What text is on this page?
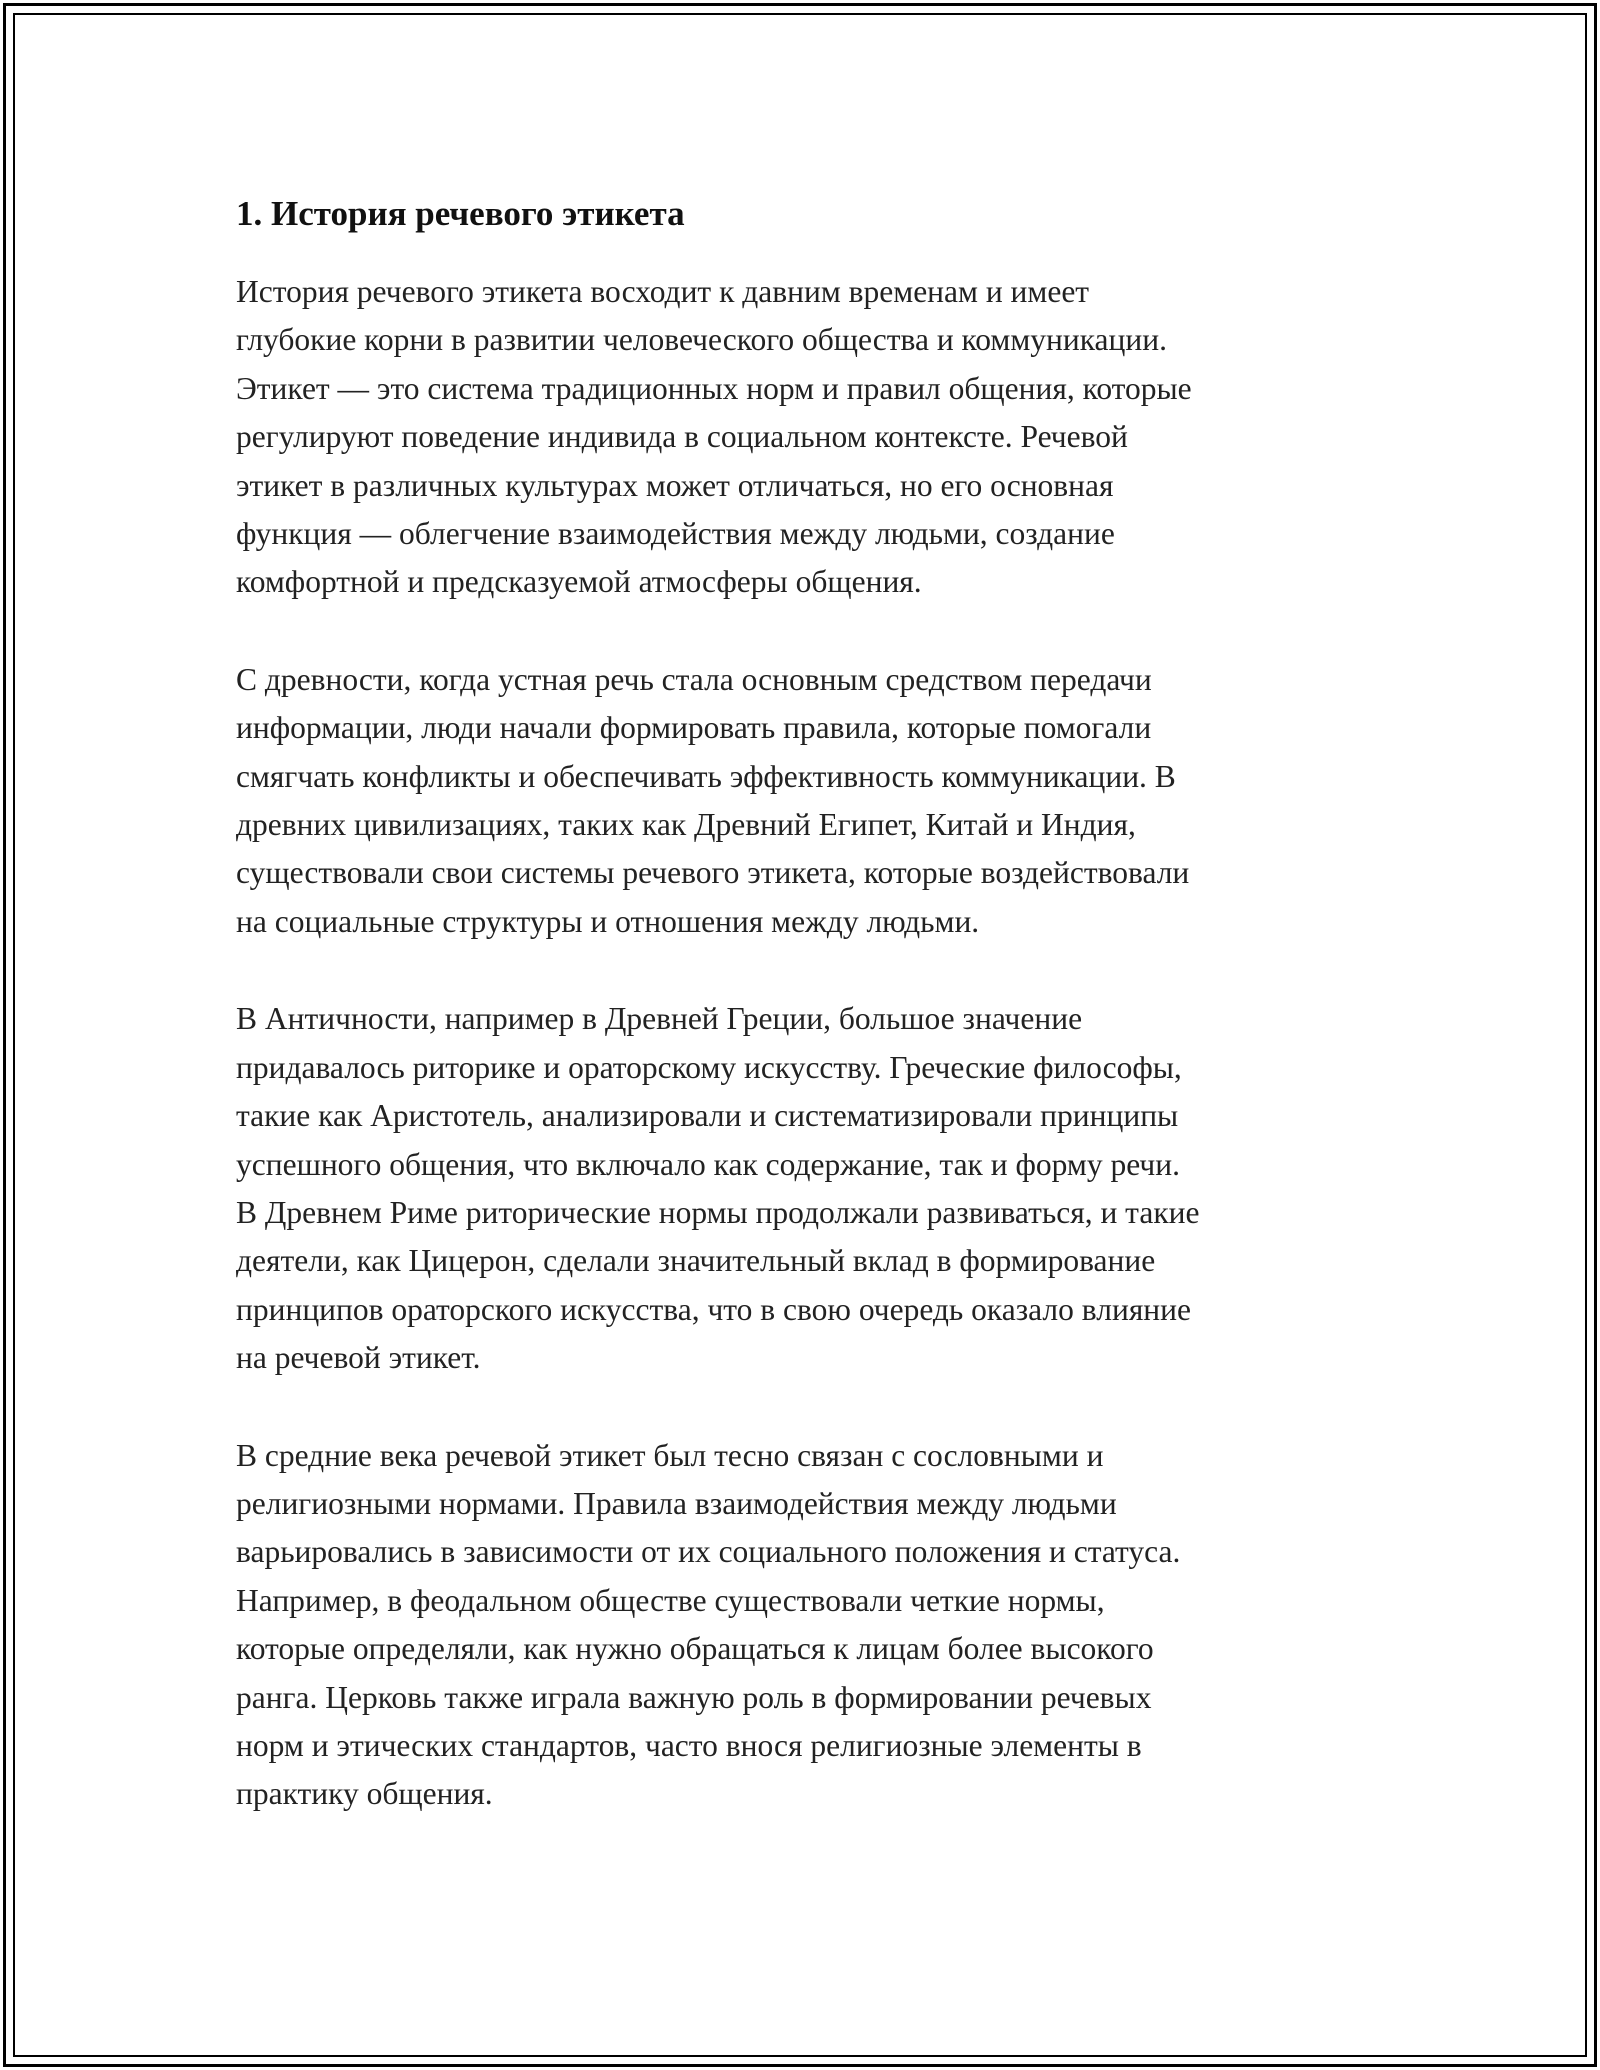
1. История речевого этикета

История речевого этикета восходит к давним временам и имеет
глубокие корни в развитии человеческого общества и коммуникации.
Этикет — это система традиционных норм и правил общения, которые
регулируют поведение индивида в социальном контексте. Речевой
этикет в различных культурах может отличаться, но его основная
функция — облегчение взаимодействия между людьми, создание
комфортной и предсказуемой атмосферы общения.

С древности, когда устная речь стала основным средством передачи
информации, люди начали формировать правила, которые помогали
смягчать конфликты и обеспечивать эффективность коммуникации. В
древних цивилизациях, таких как Древний Египет, Китай и Индия,
существовали свои системы речевого этикета, которые воздействовали
на социальные структуры и отношения между людьми.

В Античности, например в Древней Греции, большое значение
придавалось риторике и ораторскому искусству. Греческие философы,
такие как Аристотель, анализировали и систематизировали принципы
успешного общения, что включало как содержание, так и форму речи.
В Древнем Риме риторические нормы продолжали развиваться, и такие
деятели, как Цицерон, сделали значительный вклад в формирование
принципов ораторского искусства, что в свою очередь оказало влияние
на речевой этикет.

В средние века речевой этикет был тесно связан с сословными и
религиозными нормами. Правила взаимодействия между людьми
варьировались в зависимости от их социального положения и статуса.
Например, в феодальном обществе существовали четкие нормы,
которые определяли, как нужно обращаться к лицам более высокого
ранга. Церковь также играла важную роль в формировании речевых
норм и этических стандартов, часто внося религиозные элементы в
практику общения.
